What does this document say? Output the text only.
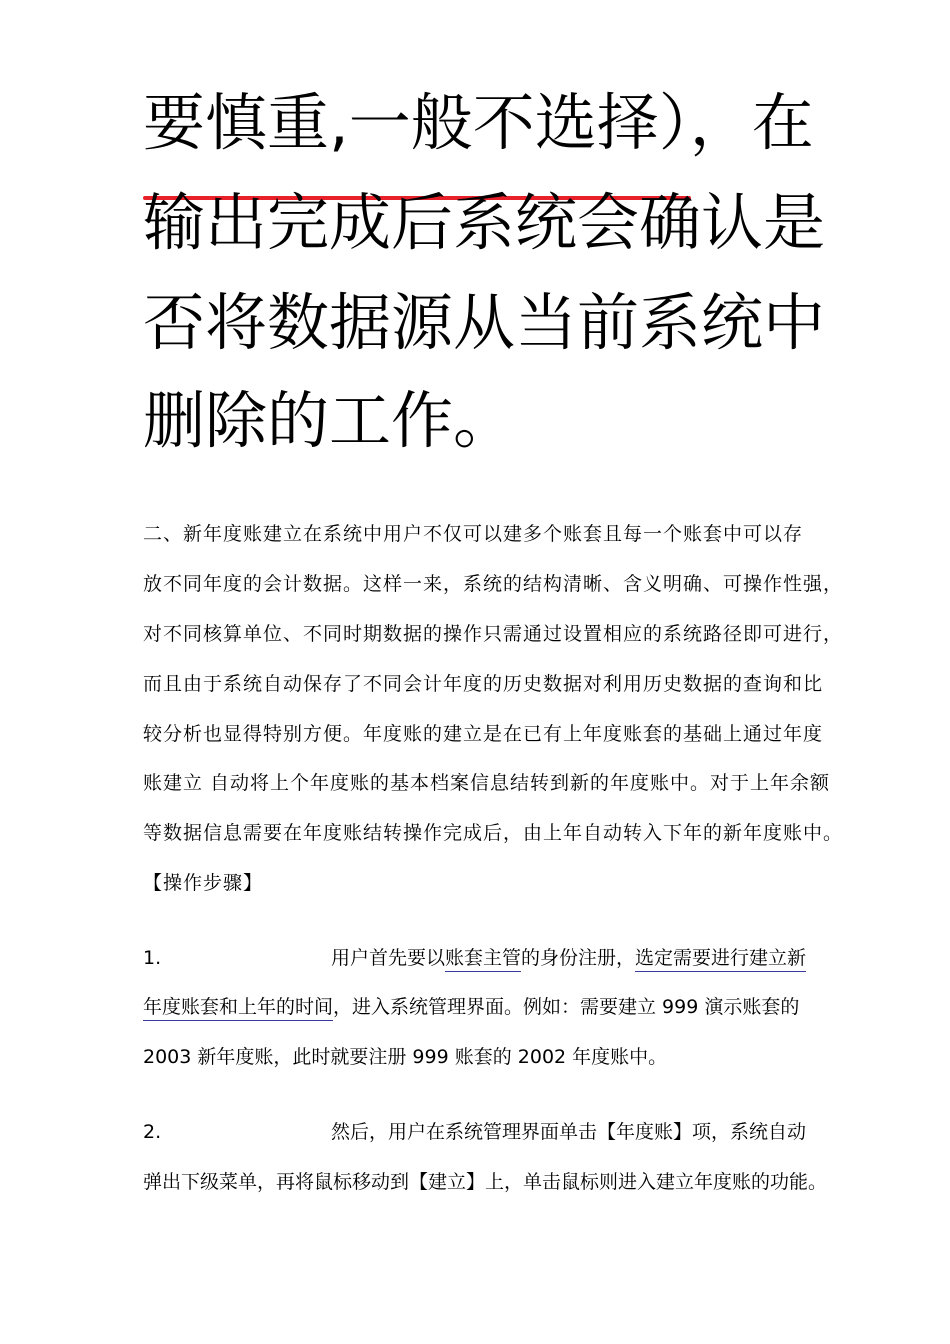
要慎重,一般不选择），在
输出完成后系统会确认是
否将数据源从当前系统中
删除的工作。
二、新年度账建立在系统中用户不仅可以建多个账套且每一个账套中可以存
放不同年度的会计数据。这样一来，系统的结构清晰、含义明确、可操作性强，
对不同核算单位、不同时期数据的操作只需通过设置相应的系统路径即可进行，
而且由于系统自动保存了不同会计年度的历史数据对利用历史数据的查询和比
较分析也显得特别方便。年度账的建立是在已有上年度账套的基础上通过年度
账建立 自动将上个年度账的基本档案信息结转到新的年度账中。对于上年余额
等数据信息需要在年度账结转操作完成后，由上年自动转入下年的新年度账中。
【操作步骤】
1.	用户首先要以账套主管的身份注册，选定需要进行建立新
年度账套和上年的时间，进入系统管理界面。例如：需要建立 999 演示账套的
2003 新年度账，此时就要注册 999 账套的 2002 年度账中。
2.	然后，用户在系统管理界面单击【年度账】项，系统自动
弹出下级菜单，再将鼠标移动到【建立】上，单击鼠标则进入建立年度账的功能。
